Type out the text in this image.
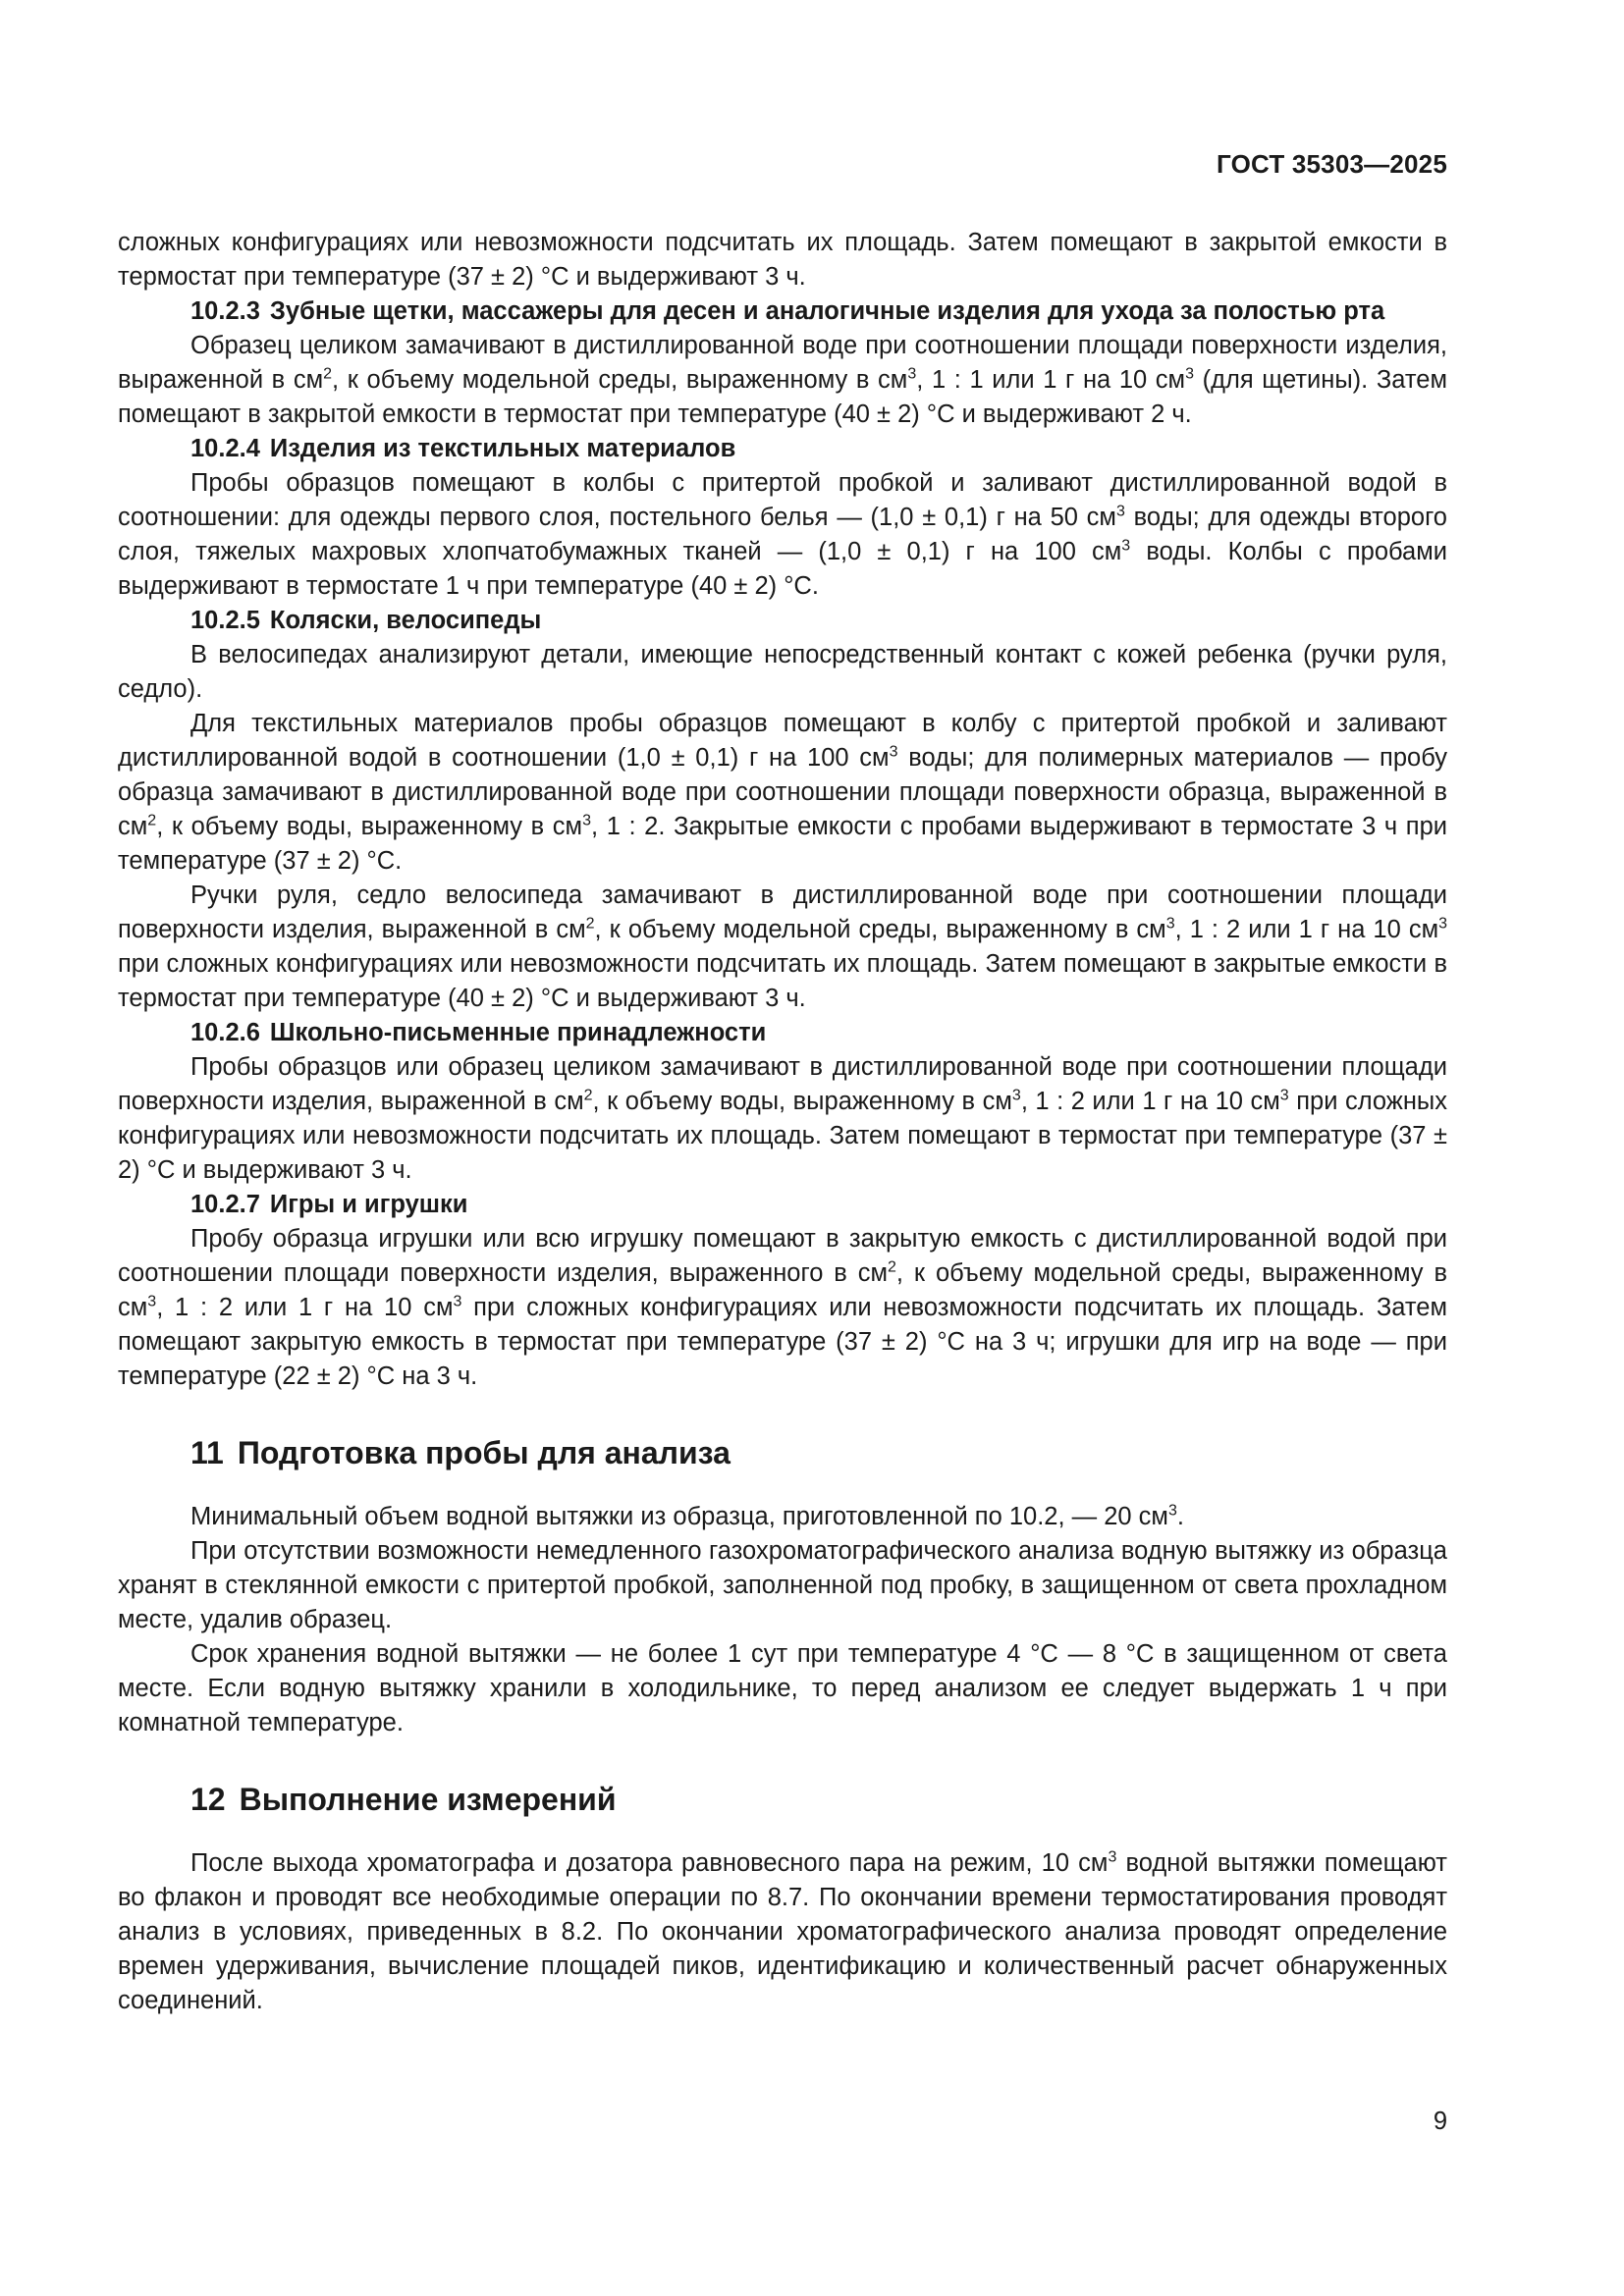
ГОСТ 35303—2025

сложных конфигурациях или невозможности подсчитать их площадь. Затем помещают в закрытой емкости в термостат при температуре (37 ± 2) °С и выдерживают 3 ч.

10.2.3 Зубные щетки, массажеры для десен и аналогичные изделия для ухода за полостью рта

Образец целиком замачивают в дистиллированной воде при соотношении площади поверхности изделия, выраженной в $см^2$, к объему модельной среды, выраженному в $см^3$, 1 : 1 или 1 г на 10 $см^3$ (для щетины). Затем помещают в закрытой емкости в термостат при температуре (40 ± 2) °С и выдерживают 2 ч.

10.2.4 Изделия из текстильных материалов

Пробы образцов помещают в колбы с притертой пробкой и заливают дистиллированной водой в соотношении: для одежды первого слоя, постельного белья — (1,0 ± 0,1) г на 50 $см^3$ воды; для одежды второго слоя, тяжелых махровых хлопчатобумажных тканей — (1,0 ± 0,1) г на 100 $см^3$ воды. Колбы с пробами выдерживают в термостате 1 ч при температуре (40 ± 2) °С.

10.2.5 Коляски, велосипеды

В велосипедах анализируют детали, имеющие непосредственный контакт с кожей ребенка (ручки руля, седло).

Для текстильных материалов пробы образцов помещают в колбу с притертой пробкой и заливают дистиллированной водой в соотношении (1,0 ± 0,1) г на 100 $см^3$ воды; для полимерных материалов — пробу образца замачивают в дистиллированной воде при соотношении площади поверхности образца, выраженной в $см^2$, к объему воды, выраженному в $см^3$, 1 : 2. Закрытые емкости с пробами выдерживают в термостате 3 ч при температуре (37 ± 2) °С.

Ручки руля, седло велосипеда замачивают в дистиллированной воде при соотношении площади поверхности изделия, выраженной в $см^2$, к объему модельной среды, выраженному в $см^3$, 1 : 2 или 1 г на 10 $см^3$ при сложных конфигурациях или невозможности подсчитать их площадь. Затем помещают в закрытые емкости в термостат при температуре (40 ± 2) °С и выдерживают 3 ч.

10.2.6 Школьно-письменные принадлежности

Пробы образцов или образец целиком замачивают в дистиллированной воде при соотношении площади поверхности изделия, выраженной в $см^2$, к объему воды, выраженному в $см^3$, 1 : 2 или 1 г на 10 $см^3$ при сложных конфигурациях или невозможности подсчитать их площадь. Затем помещают в термостат при температуре (37 ± 2) °С и выдерживают 3 ч.

10.2.7 Игры и игрушки

Пробу образца игрушки или всю игрушку помещают в закрытую емкость с дистиллированной водой при соотношении площади поверхности изделия, выраженного в $см^2$, к объему модельной среды, выраженному в $см^3$, 1 : 2 или 1 г на 10 $см^3$ при сложных конфигурациях или невозможности подсчитать их площадь. Затем помещают закрытую емкость в термостат при температуре (37 ± 2) °С на 3 ч; игрушки для игр на воде — при температуре (22 ± 2) °С на 3 ч.

11 Подготовка пробы для анализа

Минимальный объем водной вытяжки из образца, приготовленной по 10.2, — 20 $см^3$.

При отсутствии возможности немедленного газохроматографического анализа водную вытяжку из образца хранят в стеклянной емкости с притертой пробкой, заполненной под пробку, в защищенном от света прохладном месте, удалив образец.

Срок хранения водной вытяжки — не более 1 сут при температуре 4 °С — 8 °С в защищенном от света месте. Если водную вытяжку хранили в холодильнике, то перед анализом ее следует выдержать 1 ч при комнатной температуре.

12 Выполнение измерений

После выхода хроматографа и дозатора равновесного пара на режим, 10 $см^3$ водной вытяжки помещают во флакон и проводят все необходимые операции по 8.7. По окончании времени термостатирования проводят анализ в условиях, приведенных в 8.2. По окончании хроматографического анализа проводят определение времен удерживания, вычисление площадей пиков, идентификацию и количественный расчет обнаруженных соединений.

9
